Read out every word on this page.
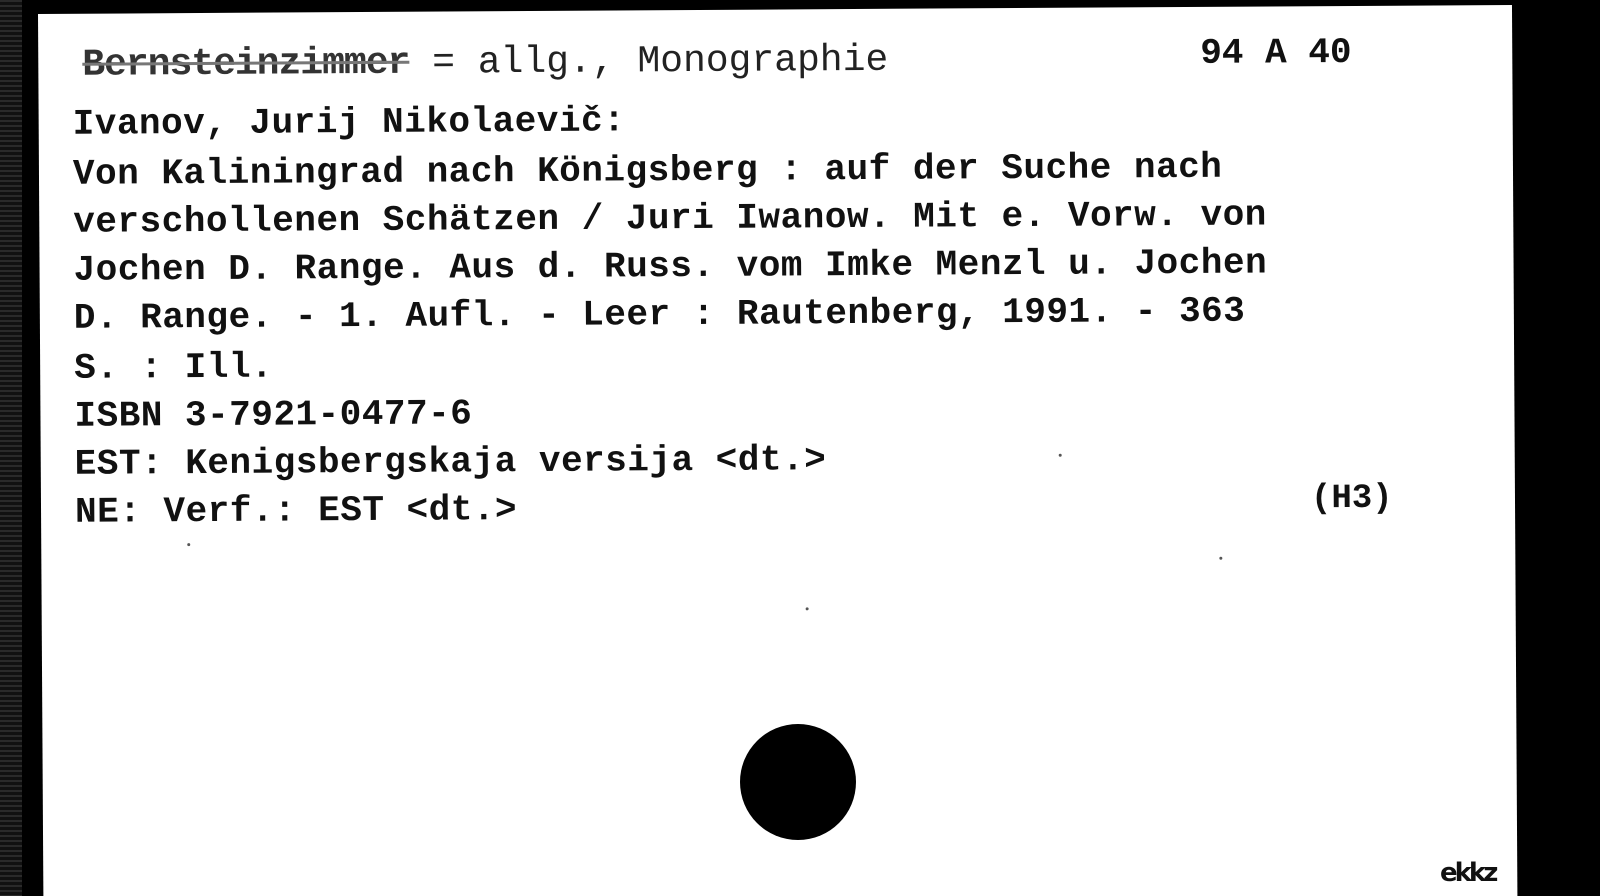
Bernsteinzimmer = allg., Monographie	94 A 40
Ivanov, Jurij Nikolaevič:
Von Kaliningrad nach Königsberg : auf der Suche nach
verschollenen Schätzen / Juri Iwanow. Mit e. Vorw. von
Jochen D. Range. Aus d. Russ. vom Imke Menzl u. Jochen
D. Range. - 1. Aufl. - Leer : Rautenberg, 1991. - 363
S. : Ill.
ISBN 3-7921-0477-6
EST: Kenigsbergskaja versija <dt.>
NE: Verf.: EST <dt.>	(H3)
ekkz
